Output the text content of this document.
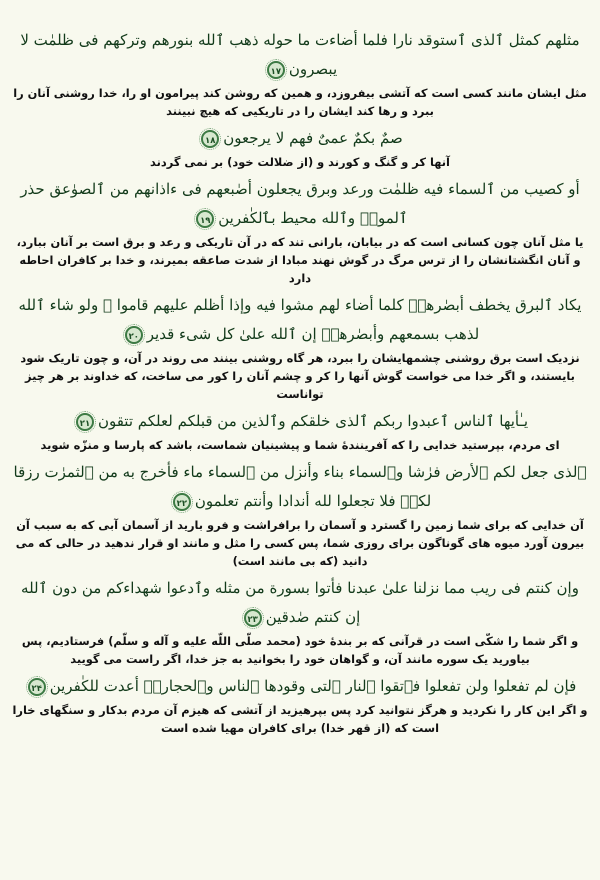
مثلهم كمثل ٱلذى ٱستوقد نارا فلما أضاءت ما حوله ذهب ٱلله بنورهم وتركهم فى ظلمٰت لا يبصرون۱۷

مثل ایشان مانند کسی است که آتشی بیفروزد، و همین که روشن کند پیرامون او را، خدا روشنی آنان را ببرد و رها کند ایشان را در تاریکیی که هیچ نبینند

صمٌ بكمٌ عمىٌ فهم لا يرجعون۱۸

آنها کر و گنگ و کورند و (از ضلالت خود) بر نمی گردند

أو كصيب من ٱلسماء فيه ظلمٰت ورعد وبرق يجعلون أصٰبعهم فى ءاذانهم من ٱلصوٰعق حذر ٱلموتۚ وٱلله محيط بٱلكٰفرين۱۹

یا مثل آنان چون کسانی است که در بیابان، بارانی تند که در آن تاریکی و رعد و برق است بر آنان ببارد، و آنان انگشتانشان را از ترس مرگ در گوش نهند مبادا از شدت صاعقه بمیرند، و خدا بر کافران احاطه دارد

يكاد ٱلبرق يخطف أبصٰرهمۖ كلما أضاء لهم مشوا فيه وإذا أظلم عليهم قاموا ۚ ولو شاء ٱلله لذهب بسمعهم وأبصٰرهمۚ إن ٱلله علىٰ كل شىء قدير۲۰

نزدیک است برق روشنی چشمهایشان را ببرد، هر گاه روشنی بینند می روند در آن، و چون تاریک شود بایستند، و اگر خدا می خواست گوش آنها را کر و چشم آنان را کور می ساخت، که خداوند بر هر چیز تواناست

يـٰأيها ٱلناس ٱعبدوا ربكم ٱلذى خلقكم وٱلذين من قبلكم لعلكم تتقون۲۱

ای مردم، بپرستید خدایی را که آفرینندهٔ شما و پیشینیان شماست، باشد که پارسا و منزّه شوید

ٱلذى جعل لكم ٱلأرض فرٰشا وٱلسماء بناء وأنزل من ٱلسماء ماء فأخرج به من ٱلثمرٰت رزقا لكمۖ فلا تجعلوا لله أندادا وأنتم تعلمون۲۲

آن خدایی که برای شما زمین را گسترد و آسمان را برافراشت و فرو بارید از آسمان آبی که به سبب آن بیرون آورد میوه های گوناگون برای روزی شما، پس کسی را مثل و مانند او قرار ندهید در حالی که می دانید (که بی مانند است)

وإن كنتم فى ريب مما نزلنا علىٰ عبدنا فأتوا بسورة من مثله وٱدعوا شهداءكم من دون ٱلله إن كنتم صٰدقين۲۳

و اگر شما را شکّی است در قرآنی که بر بندهٔ خود (محمد صلّی اللّه علیه و آله و سلّم) فرستادیم، پس بیاورید یک سوره مانند آن، و گواهان خود را بخوانید به جز خدا، اگر راست می گویید

فإن لم تفعلوا ولن تفعلوا فٱتقوا ٱلنار ٱلتى وقودها ٱلناس وٱلحجارةۖ أعدت للكٰفرين۲۴

و اگر این کار را نکردید و هرگز نتوانید کرد پس بپرهیزید از آتشی که هیزم آن مردم بدکار و سنگهای خارا است که (از قهر خدا) برای کافران مهیا شده است
